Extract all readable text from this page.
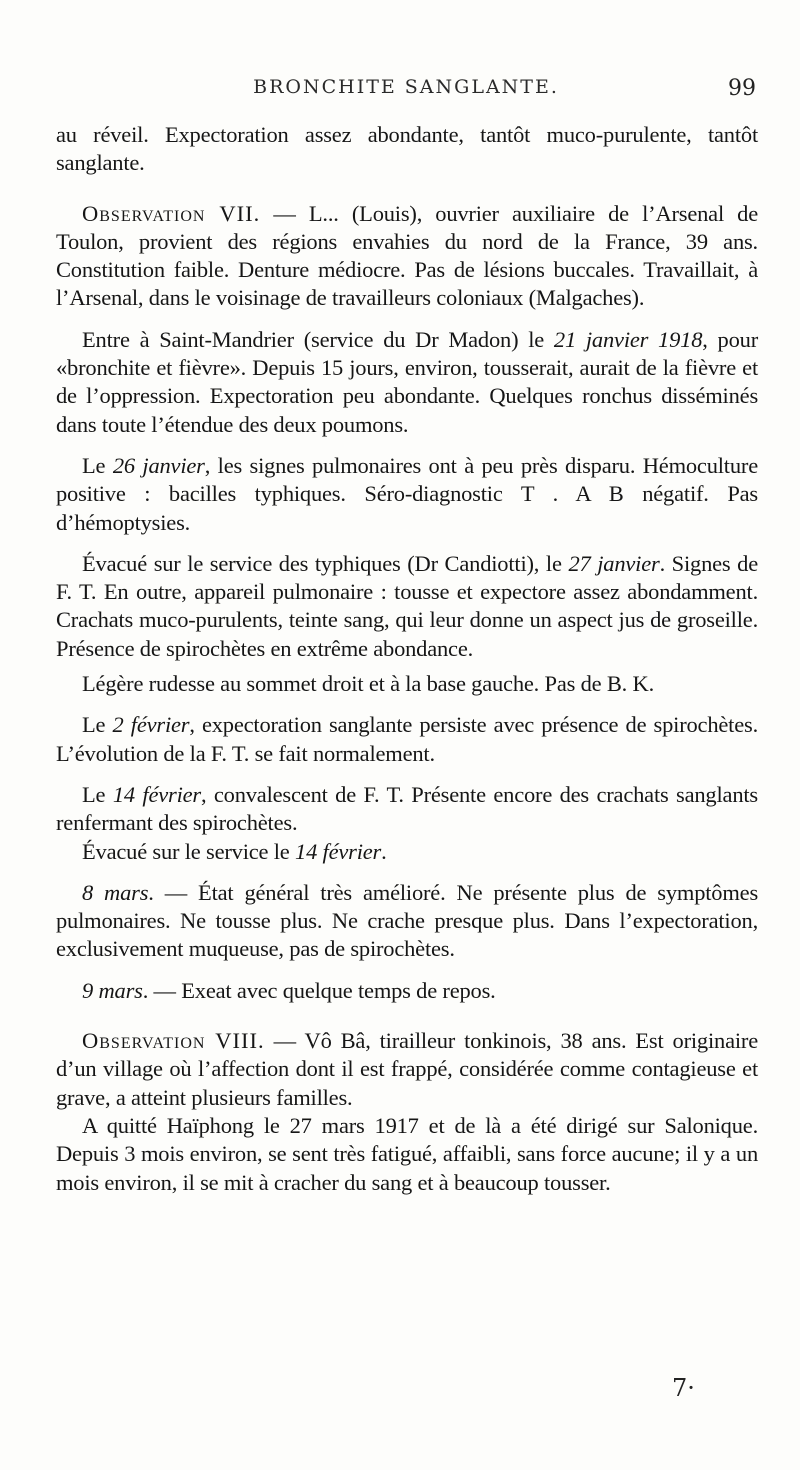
BRONCHITE SANGLANTE.	99

au réveil. Expectoration assez abondante, tantôt muco-purulente, tantôt sanglante.

Observation VII. — L... (Louis), ouvrier auxiliaire de l’Arsenal de Toulon, provient des régions envahies du nord de la France, 39 ans. Constitution faible. Denture médiocre. Pas de lésions buccales. Travaillait, à l’Arsenal, dans le voisinage de travailleurs coloniaux (Malgaches).

Entre à Saint-Mandrier (service du Dr Madon) le 21 janvier 1918, pour «bronchite et fièvre». Depuis 15 jours, environ, tousserait, aurait de la fièvre et de l’oppression. Expectoration peu abondante. Quelques ronchus disséminés dans toute l’étendue des deux poumons.

Le 26 janvier, les signes pulmonaires ont à peu près disparu. Hémoculture positive : bacilles typhiques. Séro-diagnostic T . A B négatif. Pas d’hémoptysies.

Évacué sur le service des typhiques (Dr Candiotti), le 27 janvier. Signes de F. T. En outre, appareil pulmonaire : tousse et expectore assez abondamment. Crachats muco-purulents, teinte sang, qui leur donne un aspect jus de groseille. Présence de spirochètes en extrême abondance.

Légère rudesse au sommet droit et à la base gauche. Pas de B. K.

Le 2 février, expectoration sanglante persiste avec présence de spirochètes. L’évolution de la F. T. se fait normalement.

Le 14 février, convalescent de F. T. Présente encore des crachats sanglants renfermant des spirochètes.

Évacué sur le service le 14 février.

8 mars. — État général très amélioré. Ne présente plus de symptômes pulmonaires. Ne tousse plus. Ne crache presque plus. Dans l’expectoration, exclusivement muqueuse, pas de spirochètes.

9 mars. — Exeat avec quelque temps de repos.

Observation VIII. — Vô Bâ, tirailleur tonkinois, 38 ans. Est originaire d’un village où l’affection dont il est frappé, considérée comme contagieuse et grave, a atteint plusieurs familles.

A quitté Haïphong le 27 mars 1917 et de là a été dirigé sur Salonique. Depuis 3 mois environ, se sent très fatigué, affaibli, sans force aucune; il y a un mois environ, il se mit à cracher du sang et à beaucoup tousser.

7·
